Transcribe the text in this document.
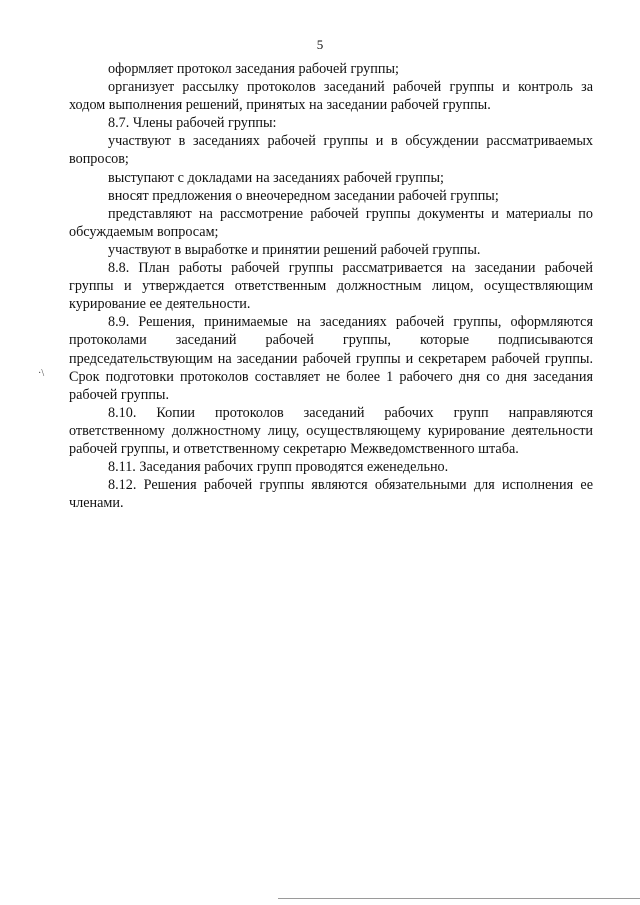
5

оформляет протокол заседания рабочей группы;

организует рассылку протоколов заседаний рабочей группы и контроль за ходом выполнения решений, принятых на заседании рабочей группы.

8.7. Члены рабочей группы:

участвуют в заседаниях рабочей группы и в обсуждении рассматриваемых вопросов;

выступают с докладами на заседаниях рабочей группы;

вносят предложения о внеочередном заседании рабочей группы;

представляют на рассмотрение рабочей группы документы и материалы по обсуждаемым вопросам;

участвуют в выработке и принятии решений рабочей группы.

8.8. План работы рабочей группы рассматривается на заседании рабочей группы и утверждается ответственным должностным лицом, осуществляющим курирование ее деятельности.

8.9. Решения, принимаемые на заседаниях рабочей группы, оформляются протоколами заседаний рабочей группы, которые подписываются председательствующим на заседании рабочей группы и секретарем рабочей группы. Срок подготовки протоколов составляет не более 1 рабочего дня со дня заседания рабочей группы.

8.10. Копии протоколов заседаний рабочих групп направляются ответственному должностному лицу, осуществляющему курирование деятельности рабочей группы, и ответственному секретарю Межведомственного штаба.

8.11. Заседания рабочих групп проводятся еженедельно.

8.12. Решения рабочей группы являются обязательными для исполнения ее членами.

·\
